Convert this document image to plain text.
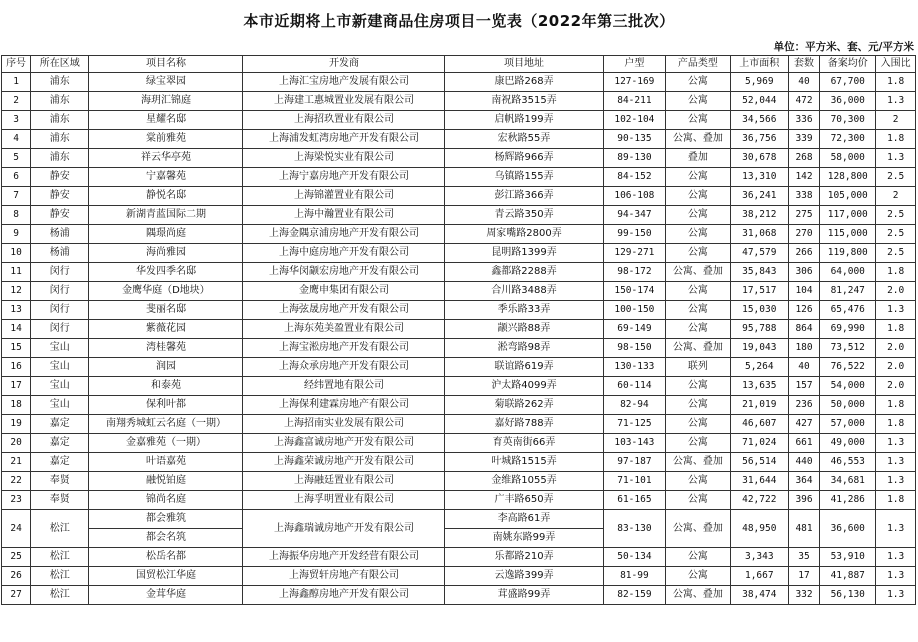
本市近期将上市新建商品住房项目一览表（2022年第三批次）
单位：平方米、套、元/平方米
序号	所在区域	项目名称	开发商	项目地址	户型	产品类型	上市面积	套数	备案均价	入围比
1	浦东	绿宝翠园	上海汇宝房地产发展有限公司	康巴路268弄	127-169	公寓	5,969	40	67,700	1.8
2	浦东	海玥汇锦庭	上海建工惠城置业发展有限公司	南祝路3515弄	84-211	公寓	52,044	472	36,000	1.3
3	浦东	星耀名邸	上海招玖置业有限公司	启帆路199弄	102-104	公寓	34,566	336	70,300	2
4	浦东	棠前雅苑	上海浦发虹湾房地产开发有限公司	宏秋路55弄	90-135	公寓、叠加	36,756	339	72,300	1.8
5	浦东	祥云华亭苑	上海梁悦实业有限公司	杨辉路966弄	89-130	叠加	30,678	268	58,000	1.3
6	静安	宁嘉馨苑	上海宁嘉房地产开发有限公司	乌镇路155弄	84-152	公寓	13,310	142	128,800	2.5
7	静安	静悦名邸	上海锦灌置业有限公司	彭江路366弄	106-108	公寓	36,241	338	105,000	2
8	静安	新湖青蓝国际二期	上海中瀚置业有限公司	青云路350弄	94-347	公寓	38,212	275	117,000	2.5
9	杨浦	隅璟尚庭	上海金隅京浦房地产开发有限公司	周家嘴路2800弄	99-150	公寓	31,068	270	115,000	2.5
10	杨浦	海尚雅园	上海中庭房地产开发有限公司	昆明路1399弄	129-271	公寓	47,579	266	119,800	2.5
11	闵行	华发四季名邸	上海华闵颛宏房地产开发有限公司	鑫都路2288弄	98-172	公寓、叠加	35,843	306	64,000	1.8
12	闵行	金鹰华庭（D地块）	金鹰申集团有限公司	合川路3488弄	150-174	公寓	17,517	104	81,247	2.0
13	闵行	斐丽名邸	上海弦晟房地产开发有限公司	季乐路33弄	100-150	公寓	15,030	126	65,476	1.3
14	闵行	紫薇花园	上海东苑美盈置业有限公司	颛兴路88弄	69-149	公寓	95,788	864	69,990	1.8
15	宝山	湾桂馨苑	上海宝淞房地产开发有限公司	淞弯路98弄	98-150	公寓、叠加	19,043	180	73,512	2.0
16	宝山	润园	上海众承房地产开发有限公司	联谊路619弄	130-133	联列	5,264	40	76,522	2.0
17	宝山	和泰苑	经纬置地有限公司	沪太路4099弄	60-114	公寓	13,635	157	54,000	2.0
18	宝山	保利叶都	上海保利建霖房地产有限公司	菊联路262弄	82-94	公寓	21,019	236	50,000	1.8
19	嘉定	南翔秀城虹云名庭（一期）	上海招南实业发展有限公司	嘉好路788弄	71-125	公寓	46,607	427	57,000	1.8
20	嘉定	金嘉雅苑（一期）	上海鑫富诚房地产开发有限公司	育英南街66弄	103-143	公寓	71,024	661	49,000	1.3
21	嘉定	叶语嘉苑	上海鑫荣诚房地产开发有限公司	叶城路1515弄	97-187	公寓、叠加	56,514	440	46,553	1.3
22	奉贤	融悦铂庭	上海融廷置业有限公司	金维路1055弄	71-101	公寓	31,644	364	34,681	1.3
23	奉贤	锦尚名庭	上海孚明置业有限公司	广丰路650弄	61-165	公寓	42,722	396	41,286	1.8
24	松江	都会雅筑	上海鑫瑞诚房地产开发有限公司	李高路61弄	83-130	公寓、叠加	48,950	481	36,600	1.3
		都会名筑		南姚东路99弄						
25	松江	松岳名都	上海振华房地产开发经营有限公司	乐都路210弄	50-134	公寓	3,343	35	53,910	1.3
26	松江	国贸松江华庭	上海贸轩房地产有限公司	云逸路399弄	81-99	公寓	1,667	17	41,887	1.3
27	松江	金茸华庭	上海鑫醇房地产开发有限公司	茸盛路99弄	82-159	公寓、叠加	38,474	332	56,130	1.3
